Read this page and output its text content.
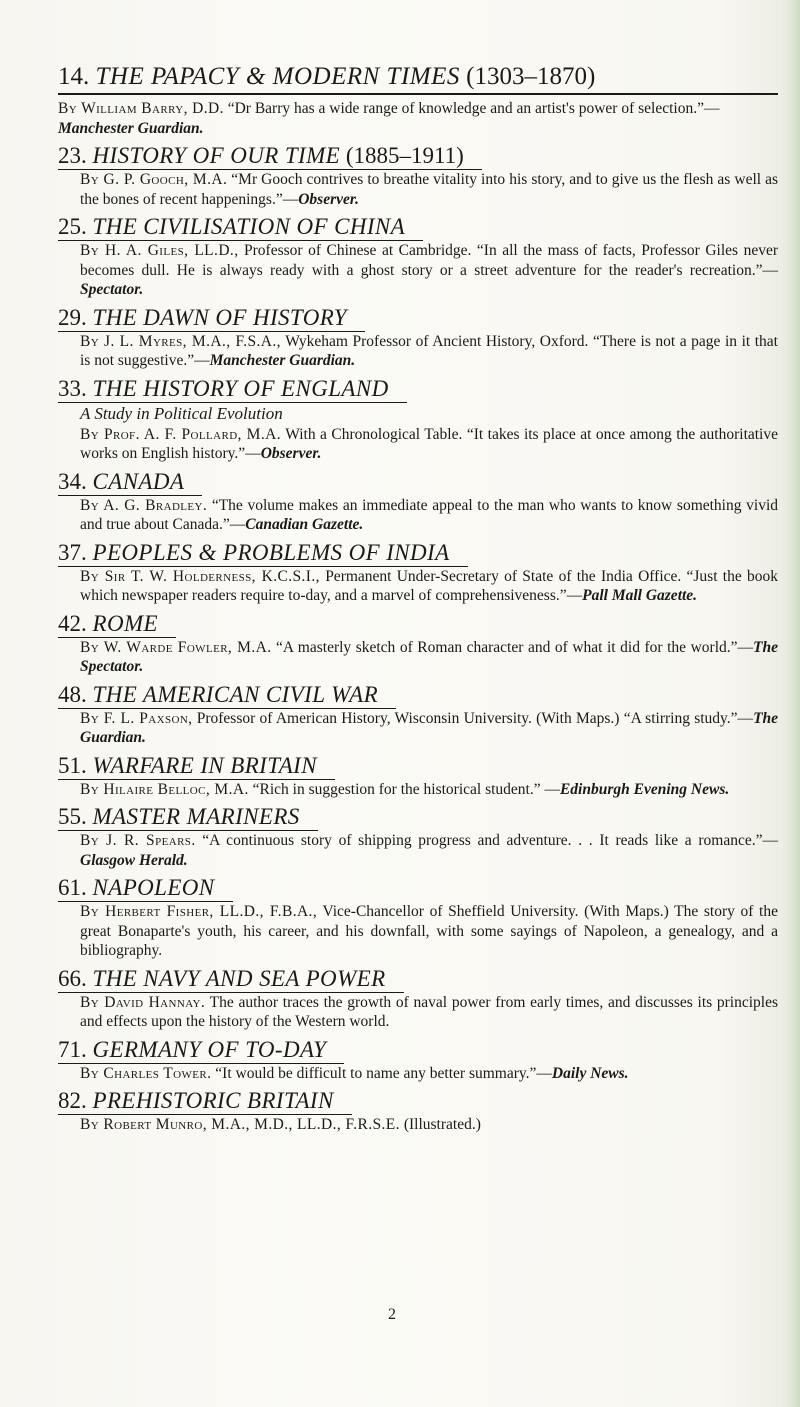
14. THE PAPACY & MODERN TIMES (1303–1870)
By William Barry, D.D. “Dr Barry has a wide range of knowledge and an artist's power of selection.”—Manchester Guardian.
23. HISTORY OF OUR TIME (1885–1911)
By G. P. Gooch, M.A. “Mr Gooch contrives to breathe vitality into his story, and to give us the flesh as well as the bones of recent happenings.”—Observer.
25. THE CIVILISATION OF CHINA
By H. A. Giles, LL.D., Professor of Chinese at Cambridge. “In all the mass of facts, Professor Giles never becomes dull. He is always ready with a ghost story or a street adventure for the reader's recreation.”—Spectator.
29. THE DAWN OF HISTORY
By J. L. Myres, M.A., F.S.A., Wykeham Professor of Ancient History, Oxford. “There is not a page in it that is not suggestive.”—Manchester Guardian.
33. THE HISTORY OF ENGLAND
A Study in Political Evolution
By Prof. A. F. Pollard, M.A. With a Chronological Table. “It takes its place at once among the authoritative works on English history.”—Observer.
34. CANADA
By A. G. Bradley. “The volume makes an immediate appeal to the man who wants to know something vivid and true about Canada.”—Canadian Gazette.
37. PEOPLES & PROBLEMS OF INDIA
By Sir T. W. Holderness, K.C.S.I., Permanent Under-Secretary of State of the India Office. “Just the book which newspaper readers require to-day, and a marvel of comprehensiveness.”—Pall Mall Gazette.
42. ROME
By W. Warde Fowler, M.A. “A masterly sketch of Roman character and of what it did for the world.”—The Spectator.
48. THE AMERICAN CIVIL WAR
By F. L. Paxson, Professor of American History, Wisconsin University. (With Maps.) “A stirring study.”—The Guardian.
51. WARFARE IN BRITAIN
By Hilaire Belloc, M.A. “Rich in suggestion for the historical student.” —Edinburgh Evening News.
55. MASTER MARINERS
By J. R. Spears. “A continuous story of shipping progress and adventure. . . It reads like a romance.”—Glasgow Herald.
61. NAPOLEON
By Herbert Fisher, LL.D., F.B.A., Vice-Chancellor of Sheffield University. (With Maps.) The story of the great Bonaparte's youth, his career, and his downfall, with some sayings of Napoleon, a genealogy, and a bibliography.
66. THE NAVY AND SEA POWER
By David Hannay. The author traces the growth of naval power from early times, and discusses its principles and effects upon the history of the Western world.
71. GERMANY OF TO-DAY
By Charles Tower. “It would be difficult to name any better summary.”—Daily News.
82. PREHISTORIC BRITAIN
By Robert Munro, M.A., M.D., LL.D., F.R.S.E. (Illustrated.)
2
